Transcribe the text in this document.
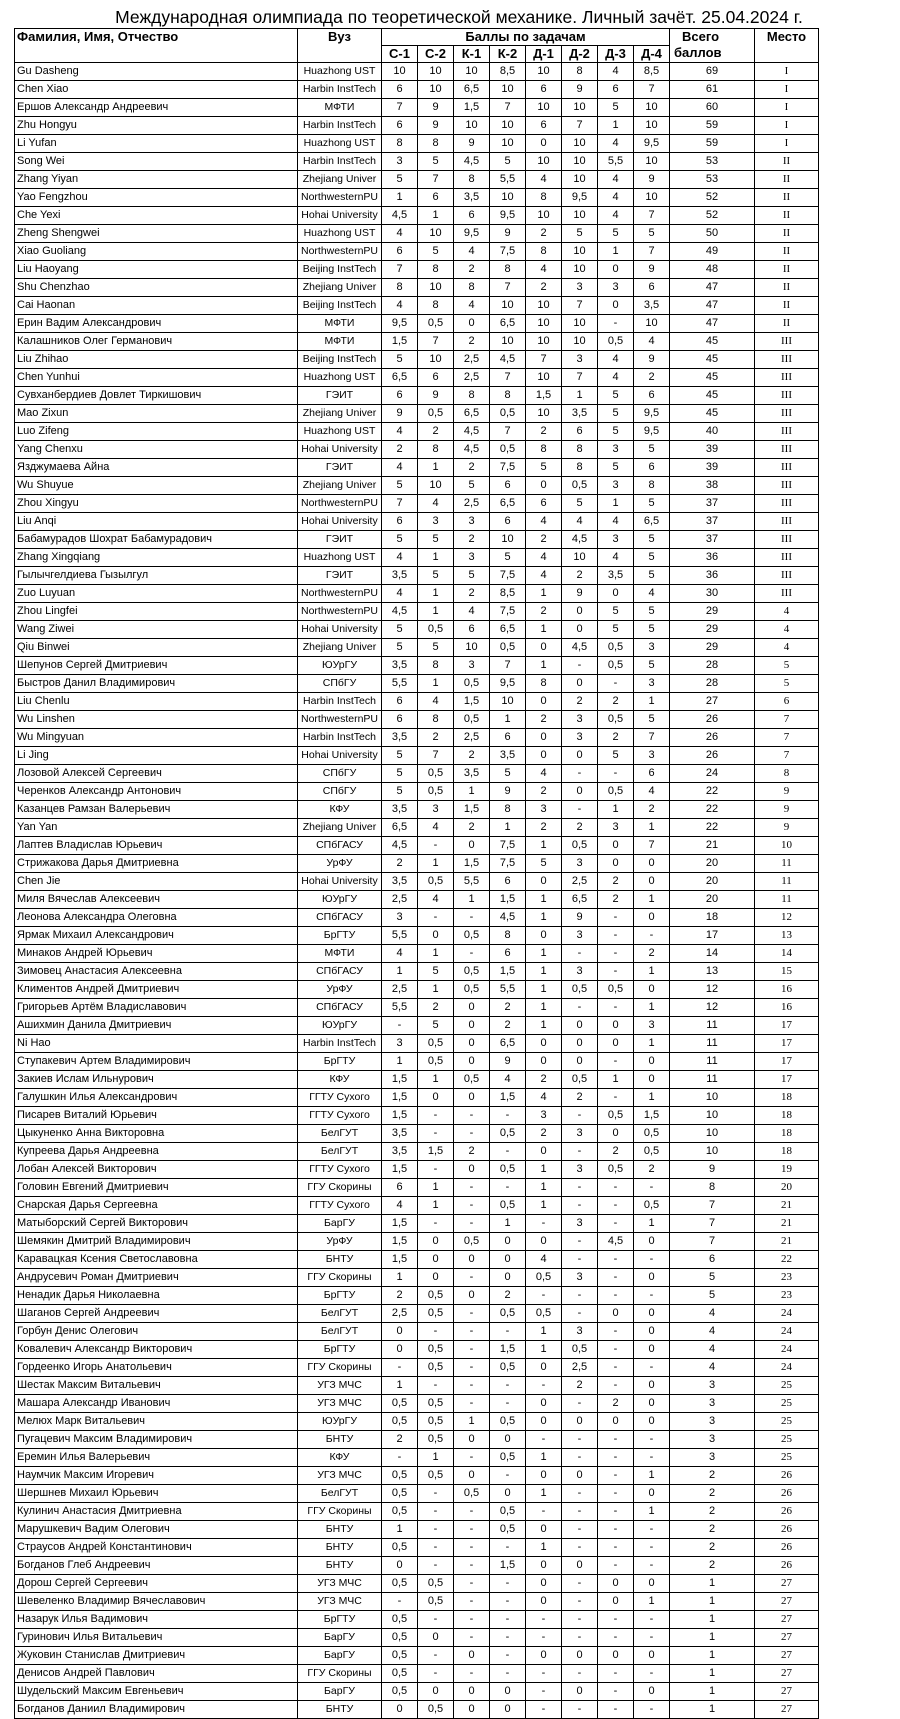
Международная олимпиада по теоретической механике. Личный зачёт. 25.04.2024 г.
Фамилия, Имя, Отчество	Вуз	Баллы по задачам								Всего
баллов	Место
		С-1	С-2	К-1	К-2	Д-1	Д-2	Д-3	Д-4		
Gu Dasheng	Huazhong UST	10	10	10	8,5	10	8	4	8,5	69	I
Chen Xiao	Harbin InstTech	6	10	6,5	10	6	9	6	7	61	I
Ершов Александр Андреевич	МФТИ	7	9	1,5	7	10	10	5	10	60	I
Zhu Hongyu	Harbin InstTech	6	9	10	10	6	7	1	10	59	I
Li Yufan	Huazhong UST	8	8	9	10	0	10	4	9,5	59	I
Song Wei	Harbin InstTech	3	5	4,5	5	10	10	5,5	10	53	II
Zhang Yiyan	Zhejiang Univer	5	7	8	5,5	4	10	4	9	53	II
Yao Fengzhou	NorthwesternPU	1	6	3,5	10	8	9,5	4	10	52	II
Che Yexi	Hohai University	4,5	1	6	9,5	10	10	4	7	52	II
Zheng Shengwei	Huazhong UST	4	10	9,5	9	2	5	5	5	50	II
Xiao Guoliang	NorthwesternPU	6	5	4	7,5	8	10	1	7	49	II
Liu Haoyang	Beijing InstTech	7	8	2	8	4	10	0	9	48	II
Shu Chenzhao	Zhejiang Univer	8	10	8	7	2	3	3	6	47	II
Cai Haonan	Beijing InstTech	4	8	4	10	10	7	0	3,5	47	II
Ерин Вадим Александрович	МФТИ	9,5	0,5	0	6,5	10	10	-	10	47	II
Калашников Олег Германович	МФТИ	1,5	7	2	10	10	10	0,5	4	45	III
Liu Zhihao	Beijing InstTech	5	10	2,5	4,5	7	3	4	9	45	III
Chen Yunhui	Huazhong UST	6,5	6	2,5	7	10	7	4	2	45	III
Сувханбердиев Довлет Тиркишович	ГЭИТ	6	9	8	8	1,5	1	5	6	45	III
Mao Zixun	Zhejiang Univer	9	0,5	6,5	0,5	10	3,5	5	9,5	45	III
Luo Zifeng	Huazhong UST	4	2	4,5	7	2	6	5	9,5	40	III
Yang Chenxu	Hohai University	2	8	4,5	0,5	8	8	3	5	39	III
Язджумаева Айна	ГЭИТ	4	1	2	7,5	5	8	5	6	39	III
Wu Shuyue	Zhejiang Univer	5	10	5	6	0	0,5	3	8	38	III
Zhou Xingyu	NorthwesternPU	7	4	2,5	6,5	6	5	1	5	37	III
Liu Anqi	Hohai University	6	3	3	6	4	4	4	6,5	37	III
Бабамурадов Шохрат Бабамурадович	ГЭИТ	5	5	2	10	2	4,5	3	5	37	III
Zhang Xingqiang	Huazhong UST	4	1	3	5	4	10	4	5	36	III
Гылычгелдиева Гызылгул	ГЭИТ	3,5	5	5	7,5	4	2	3,5	5	36	III
Zuo Luyuan	NorthwesternPU	4	1	2	8,5	1	9	0	4	30	III
Zhou Lingfei	NorthwesternPU	4,5	1	4	7,5	2	0	5	5	29	4
Wang Ziwei	Hohai University	5	0,5	6	6,5	1	0	5	5	29	4
Qiu Binwei	Zhejiang Univer	5	5	10	0,5	0	4,5	0,5	3	29	4
Шепунов Сергей Дмитриевич	ЮУрГУ	3,5	8	3	7	1	-	0,5	5	28	5
Быстров Данил Владимирович	СПбГУ	5,5	1	0,5	9,5	8	0	-	3	28	5
Liu Chenlu	Harbin InstTech	6	4	1,5	10	0	2	2	1	27	6
Wu Linshen	NorthwesternPU	6	8	0,5	1	2	3	0,5	5	26	7
Wu Mingyuan	Harbin InstTech	3,5	2	2,5	6	0	3	2	7	26	7
Li Jing	Hohai University	5	7	2	3,5	0	0	5	3	26	7
Лозовой Алексей Сергеевич	СПбГУ	5	0,5	3,5	5	4	-	-	6	24	8
Черенков Александр Антонович	СПбГУ	5	0,5	1	9	2	0	0,5	4	22	9
Казанцев Рамзан Валерьевич	КФУ	3,5	3	1,5	8	3	-	1	2	22	9
Yan Yan	Zhejiang Univer	6,5	4	2	1	2	2	3	1	22	9
Лаптев Владислав Юрьевич	СПбГАСУ	4,5	-	0	7,5	1	0,5	0	7	21	10
Стрижакова Дарья Дмитриевна	УрФУ	2	1	1,5	7,5	5	3	0	0	20	11
Chen Jie	Hohai University	3,5	0,5	5,5	6	0	2,5	2	0	20	11
Миля Вячеслав Алексеевич	ЮУрГУ	2,5	4	1	1,5	1	6,5	2	1	20	11
Леонова Александра Олеговна	СПбГАСУ	3	-	-	4,5	1	9	-	0	18	12
Ярмак Михаил Александрович	БрГТУ	5,5	0	0,5	8	0	3	-	-	17	13
Минаков Андрей Юрьевич	МФТИ	4	1	-	6	1	-	-	2	14	14
Зимовец Анастасия Алексеевна	СПбГАСУ	1	5	0,5	1,5	1	3	-	1	13	15
Климентов Андрей Дмитриевич	УрФУ	2,5	1	0,5	5,5	1	0,5	0,5	0	12	16
Григорьев Артём Владиславович	СПбГАСУ	5,5	2	0	2	1	-	-	1	12	16
Ашихмин Данила Дмитриевич	ЮУрГУ	-	5	0	2	1	0	0	3	11	17
Ni Hao	Harbin InstTech	3	0,5	0	6,5	0	0	0	1	11	17
Ступакевич Артем Владимирович	БрГТУ	1	0,5	0	9	0	0	-	0	11	17
Закиев Ислам Ильнурович	КФУ	1,5	1	0,5	4	2	0,5	1	0	11	17
Галушкин Илья Александрович	ГГТУ Сухого	1,5	0	0	1,5	4	2	-	1	10	18
Писарев Виталий Юрьевич	ГГТУ Сухого	1,5	-	-	-	3	-	0,5	1,5	10	18
Цыкуненко Анна Викторовна	БелГУТ	3,5	-	-	0,5	2	3	0	0,5	10	18
Купреева Дарья Андреевна	БелГУТ	3,5	1,5	2	-	0	-	2	0,5	10	18
Лобан Алексей Викторович	ГГТУ Сухого	1,5	-	0	0,5	1	3	0,5	2	9	19
Головин Евгений Дмитриевич	ГГУ Скорины	6	1	-	-	1	-	-	-	8	20
Снарская Дарья Сергеевна	ГГТУ Сухого	4	1	-	0,5	1	-	-	0,5	7	21
Матыборский Сергей Викторович	БарГУ	1,5	-	-	1	-	3	-	1	7	21
Шемякин Дмитрий Владимирович	УрФУ	1,5	0	0,5	0	0	-	4,5	0	7	21
Каравацкая Ксения Светославовна	БНТУ	1,5	0	0	0	4	-	-	-	6	22
Андрусевич Роман Дмитриевич	ГГУ Скорины	1	0	-	0	0,5	3	-	0	5	23
Ненадик Дарья Николаевна	БрГТУ	2	0,5	0	2	-	-	-	-	5	23
Шаганов Сергей Андреевич	БелГУТ	2,5	0,5	-	0,5	0,5	-	0	0	4	24
Горбун Денис Олегович	БелГУТ	0	-	-	-	1	3	-	0	4	24
Ковалевич Александр Викторович	БрГТУ	0	0,5	-	1,5	1	0,5	-	0	4	24
Гордеенко Игорь Анатольевич	ГГУ Скорины	-	0,5	-	0,5	0	2,5	-	-	4	24
Шестак Максим Витальевич	УГЗ МЧС	1	-	-	-	-	2	-	0	3	25
Машара Александр Иванович	УГЗ МЧС	0,5	0,5	-	-	0	-	2	0	3	25
Мелюх Марк Витальевич	ЮУрГУ	0,5	0,5	1	0,5	0	0	0	0	3	25
Пугацевич Максим Владимирович	БНТУ	2	0,5	0	0	-	-	-	-	3	25
Еремин Илья Валерьевич	КФУ	-	1	-	0,5	1	-	-	-	3	25
Наумчик Максим Игоревич	УГЗ МЧС	0,5	0,5	0	-	0	0	-	1	2	26
Шершнев Михаил Юрьевич	БелГУТ	0,5	-	0,5	0	1	-	-	0	2	26
Кулинич Анастасия Дмитриевна	ГГУ Скорины	0,5	-	-	0,5	-	-	-	1	2	26
Марушкевич Вадим Олегович	БНТУ	1	-	-	0,5	0	-	-	-	2	26
Страусов Андрей Константинович	БНТУ	0,5	-	-	-	1	-	-	-	2	26
Богданов Глеб Андреевич	БНТУ	0	-	-	1,5	0	0	-	-	2	26
Дорош Сергей Сергеевич	УГЗ МЧС	0,5	0,5	-	-	0	-	0	0	1	27
Шевеленко Владимир Вячеславович	УГЗ МЧС	-	0,5	-	-	0	-	0	1	1	27
Назарук Илья Вадимович	БрГТУ	0,5	-	-	-	-	-	-	-	1	27
Гуринович Илья Витальевич	БарГУ	0,5	0	-	-	-	-	-	-	1	27
Жуковин Станислав Дмитриевич	БарГУ	0,5	-	0	-	0	0	0	0	1	27
Денисов Андрей Павлович	ГГУ Скорины	0,5	-	-	-	-	-	-	-	1	27
Шудельский Максим Евгеньевич	БарГУ	0,5	0	0	0	-	0	-	0	1	27
Богданов Даниил Владимирович	БНТУ	0	0,5	0	0	-	-	-	-	1	27
